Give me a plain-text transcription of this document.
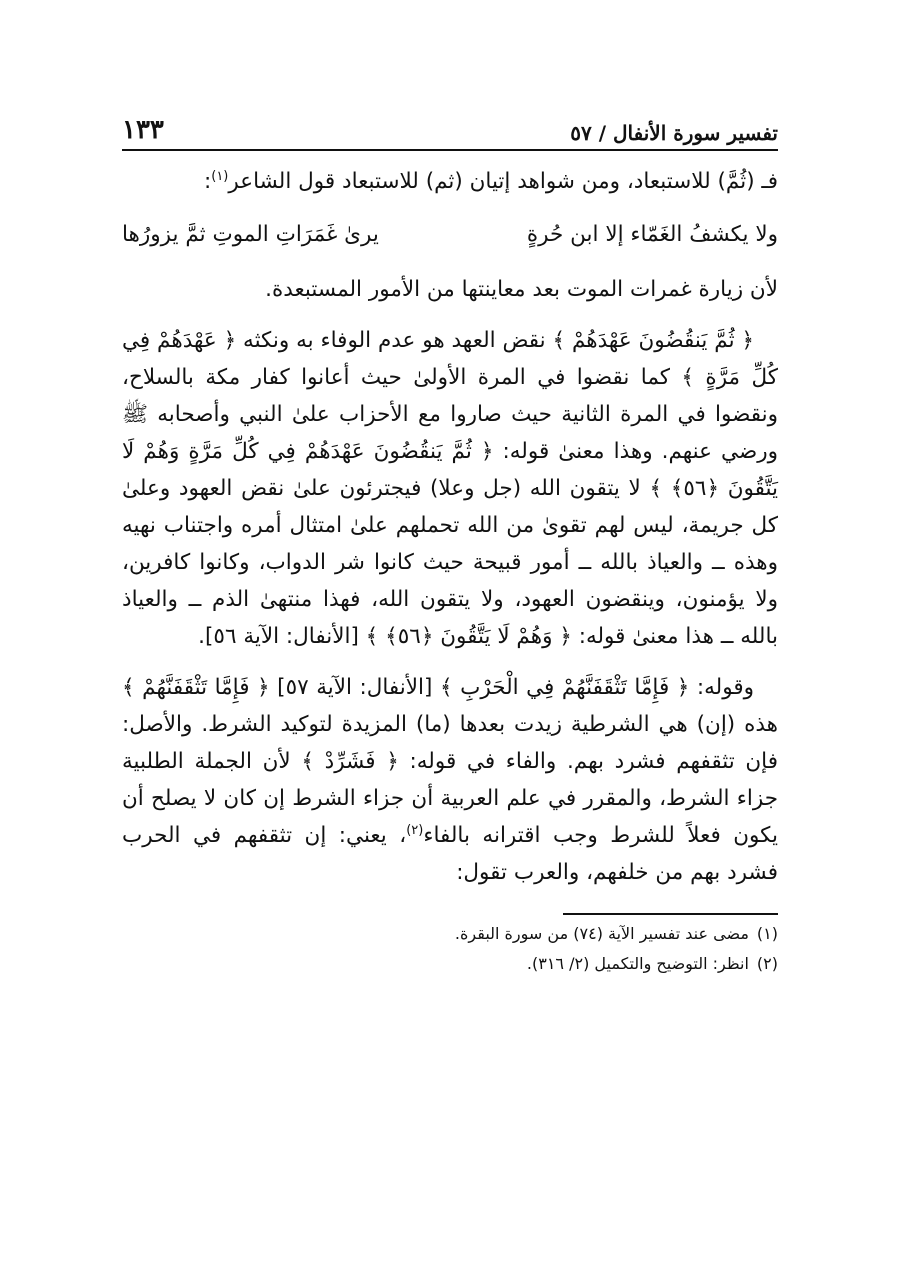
تفسير سورة الأنفال / ٥٧
١٣٣

فـ (ثُمَّ) للاستبعاد، ومن شواهد إتيان (ثم) للاستبعاد قول الشاعر$^{(١)}$:

ولا يكشفُ الغَمّاء إلا ابن حُرةٍ
يرىٰ غَمَرَاتِ الموتِ ثمَّ يزورُها

لأن زيارة غمرات الموت بعد معاينتها من الأمور المستبعدة.

﴿ ثُمَّ يَنقُضُونَ عَهْدَهُمْ ﴾ نقض العهد هو عدم الوفاء به ونكثه ﴿ عَهْدَهُمْ فِي كُلِّ مَرَّةٍ ﴾ كما نقضوا في المرة الأولىٰ حيث أعانوا كفار مكة بالسلاح، ونقضوا في المرة الثانية حيث صاروا مع الأحزاب علىٰ النبي وأصحابه ﷺ ورضي عنهم. وهذا معنىٰ قوله: ﴿ ثُمَّ يَنقُضُونَ عَهْدَهُمْ فِي كُلِّ مَرَّةٍ وَهُمْ لَا يَتَّقُونَ ﴿٥٦﴾ ﴾ لا يتقون الله (جل وعلا) فيجترئون علىٰ نقض العهود وعلىٰ كل جريمة، ليس لهم تقوىٰ من الله تحملهم علىٰ امتثال أمره واجتناب نهيه وهذه ــ والعياذ بالله ــ أمور قبيحة حيث كانوا شر الدواب، وكانوا كافرين، ولا يؤمنون، وينقضون العهود، ولا يتقون الله، فهذا منتهىٰ الذم ــ والعياذ بالله ــ هذا معنىٰ قوله: ﴿ وَهُمْ لَا يَتَّقُونَ ﴿٥٦﴾ ﴾ [الأنفال: الآية ٥٦].

وقوله: ﴿ فَإِمَّا تَثْقَفَنَّهُمْ فِي الْحَرْبِ ﴾ [الأنفال: الآية ٥٧] ﴿ فَإِمَّا تَثْقَفَنَّهُمْ ﴾ هذه (إن) هي الشرطية زيدت بعدها (ما) المزيدة لتوكيد الشرط. والأصل: فإن تثقفهم فشرد بهم. والفاء في قوله: ﴿ فَشَرِّدْ ﴾ لأن الجملة الطلبية جزاء الشرط، والمقرر في علم العربية أن جزاء الشرط إن كان لا يصلح أن يكون فعلاً للشرط وجب اقترانه بالفاء$^{(٢)}$، يعني: إن تثقفهم في الحرب فشرد بهم من خلفهم، والعرب تقول:

(١)مضى عند تفسير الآية (٧٤) من سورة البقرة.
(٢)انظر: التوضيح والتكميل (٢/ ٣١٦).
